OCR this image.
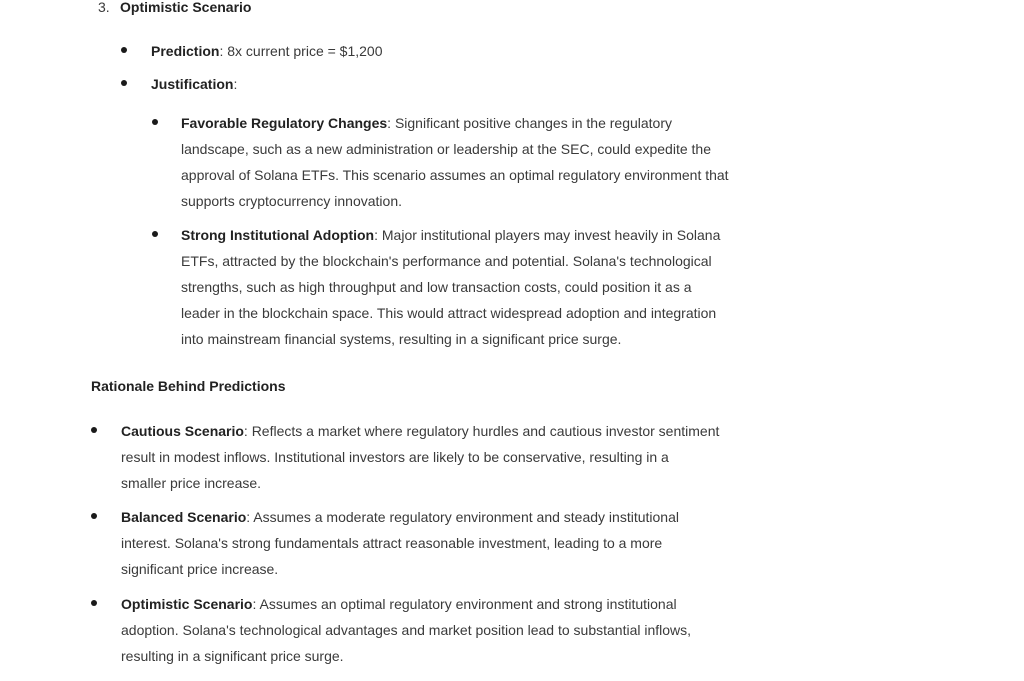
3. Optimistic Scenario
Prediction: 8x current price = $1,200
Justification:
Favorable Regulatory Changes: Significant positive changes in the regulatory
landscape, such as a new administration or leadership at the SEC, could expedite the
approval of Solana ETFs. This scenario assumes an optimal regulatory environment that
supports cryptocurrency innovation.
Strong Institutional Adoption: Major institutional players may invest heavily in Solana
ETFs, attracted by the blockchain's performance and potential. Solana's technological
strengths, such as high throughput and low transaction costs, could position it as a
leader in the blockchain space. This would attract widespread adoption and integration
into mainstream financial systems, resulting in a significant price surge.
Rationale Behind Predictions
Cautious Scenario: Reflects a market where regulatory hurdles and cautious investor sentiment
result in modest inflows. Institutional investors are likely to be conservative, resulting in a
smaller price increase.
Balanced Scenario: Assumes a moderate regulatory environment and steady institutional
interest. Solana's strong fundamentals attract reasonable investment, leading to a more
significant price increase.
Optimistic Scenario: Assumes an optimal regulatory environment and strong institutional
adoption. Solana's technological advantages and market position lead to substantial inflows,
resulting in a significant price surge.
